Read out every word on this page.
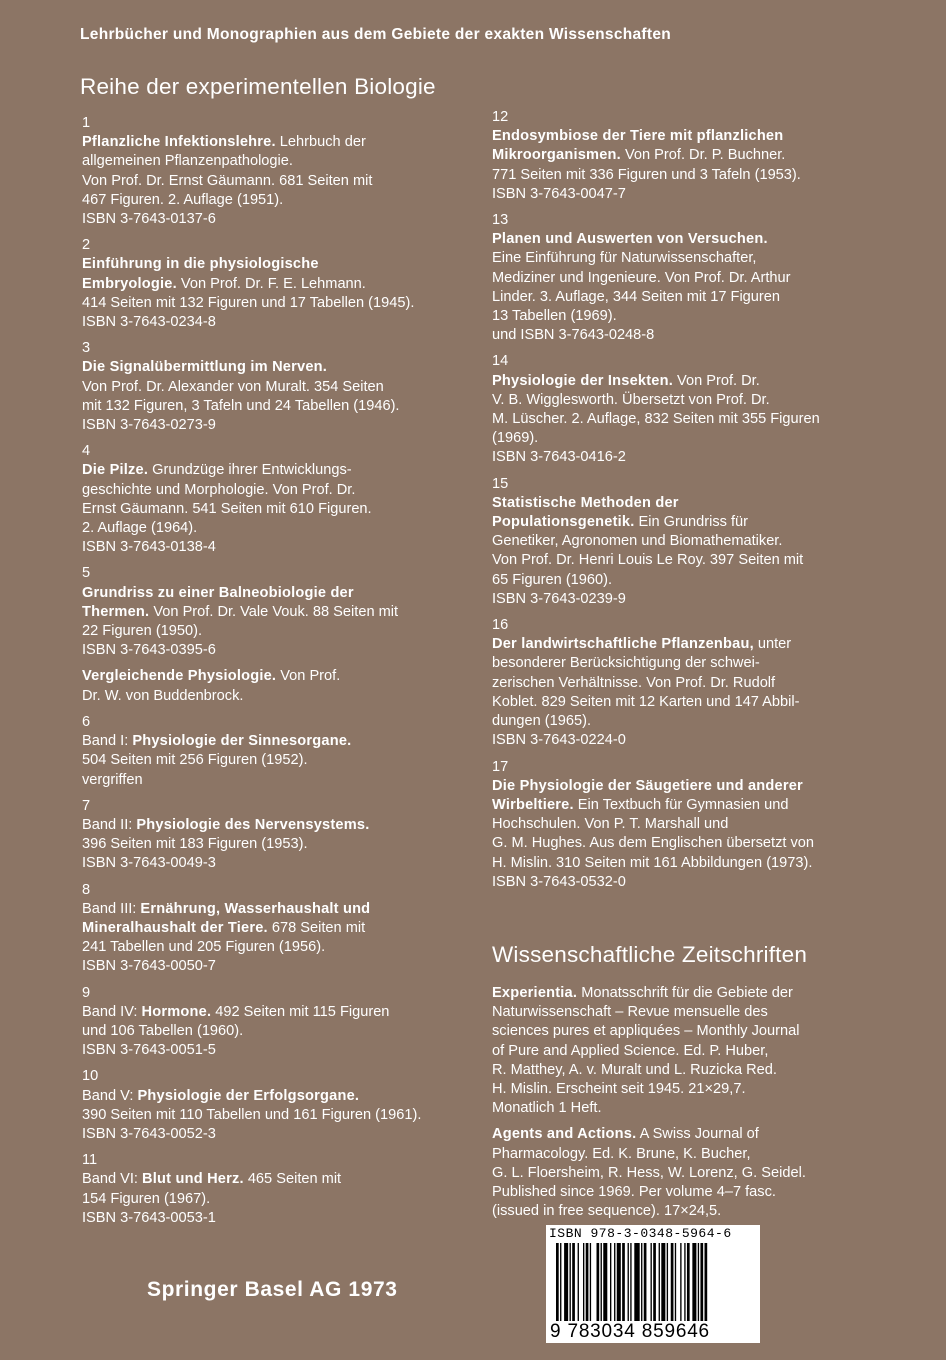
Lehrbücher und Monographien aus dem Gebiete der exakten Wissenschaften
Reihe der experimentellen Biologie
1
Pflanzliche Infektionslehre. Lehrbuch der
allgemeinen Pflanzenpathologie.
Von Prof. Dr. Ernst Gäumann. 681 Seiten mit
467 Figuren. 2. Auflage (1951).
ISBN 3-7643-0137-6
2
Einführung in die physiologische
Embryologie. Von Prof. Dr. F. E. Lehmann.
414 Seiten mit 132 Figuren und 17 Tabellen (1945).
ISBN 3-7643-0234-8
3
Die Signalübermittlung im Nerven.
Von Prof. Dr. Alexander von Muralt. 354 Seiten
mit 132 Figuren, 3 Tafeln und 24 Tabellen (1946).
ISBN 3-7643-0273-9
4
Die Pilze. Grundzüge ihrer Entwicklungs-
geschichte und Morphologie. Von Prof. Dr.
Ernst Gäumann. 541 Seiten mit 610 Figuren.
2. Auflage (1964).
ISBN 3-7643-0138-4
5
Grundriss zu einer Balneobiologie der
Thermen. Von Prof. Dr. Vale Vouk. 88 Seiten mit
22 Figuren (1950).
ISBN 3-7643-0395-6
Vergleichende Physiologie. Von Prof.
Dr. W. von Buddenbrock.
6
Band I: Physiologie der Sinnesorgane.
504 Seiten mit 256 Figuren (1952).
vergriffen
7
Band II: Physiologie des Nervensystems.
396 Seiten mit 183 Figuren (1953).
ISBN 3-7643-0049-3
8
Band III: Ernährung, Wasserhaushalt und
Mineralhaushalt der Tiere. 678 Seiten mit
241 Tabellen und 205 Figuren (1956).
ISBN 3-7643-0050-7
9
Band IV: Hormone. 492 Seiten mit 115 Figuren
und 106 Tabellen (1960).
ISBN 3-7643-0051-5
10
Band V: Physiologie der Erfolgsorgane.
390 Seiten mit 110 Tabellen und 161 Figuren (1961).
ISBN 3-7643-0052-3
11
Band VI: Blut und Herz. 465 Seiten mit
154 Figuren (1967).
ISBN 3-7643-0053-1
12
Endosymbiose der Tiere mit pflanzlichen
Mikroorganismen. Von Prof. Dr. P. Buchner.
771 Seiten mit 336 Figuren und 3 Tafeln (1953).
ISBN 3-7643-0047-7
13
Planen und Auswerten von Versuchen.
Eine Einführung für Naturwissenschafter,
Mediziner und Ingenieure. Von Prof. Dr. Arthur
Linder. 3. Auflage, 344 Seiten mit 17 Figuren
13 Tabellen (1969).
und ISBN 3-7643-0248-8
14
Physiologie der Insekten. Von Prof. Dr.
V. B. Wigglesworth. Übersetzt von Prof. Dr.
M. Lüscher. 2. Auflage, 832 Seiten mit 355 Figuren
(1969).
ISBN 3-7643-0416-2
15
Statistische Methoden der
Populationsgenetik. Ein Grundriss für
Genetiker, Agronomen und Biomathematiker.
Von Prof. Dr. Henri Louis Le Roy. 397 Seiten mit
65 Figuren (1960).
ISBN 3-7643-0239-9
16
Der landwirtschaftliche Pflanzenbau, unter
besonderer Berücksichtigung der schwei-
zerischen Verhältnisse. Von Prof. Dr. Rudolf
Koblet. 829 Seiten mit 12 Karten und 147 Abbil-
dungen (1965).
ISBN 3-7643-0224-0
17
Die Physiologie der Säugetiere und anderer
Wirbeltiere. Ein Textbuch für Gymnasien und
Hochschulen. Von P. T. Marshall und
G. M. Hughes. Aus dem Englischen übersetzt von
H. Mislin. 310 Seiten mit 161 Abbildungen (1973).
ISBN 3-7643-0532-0
Wissenschaftliche Zeitschriften
Experientia. Monatsschrift für die Gebiete der
Naturwissenschaft – Revue mensuelle des
sciences pures et appliquées – Monthly Journal
of Pure and Applied Science. Ed. P. Huber,
R. Matthey, A. v. Muralt und L. Ruzicka Red.
H. Mislin. Erscheint seit 1945. 21×29,7.
Monatlich 1 Heft.
Agents and Actions. A Swiss Journal of
Pharmacology. Ed. K. Brune, K. Bucher,
G. L. Floersheim, R. Hess, W. Lorenz, G. Seidel.
Published since 1969. Per volume 4–7 fasc.
(issued in free sequence). 17×24,5.
Springer Basel AG 1973
ISBN 978-3-0348-5964-6
9 783034 859646
